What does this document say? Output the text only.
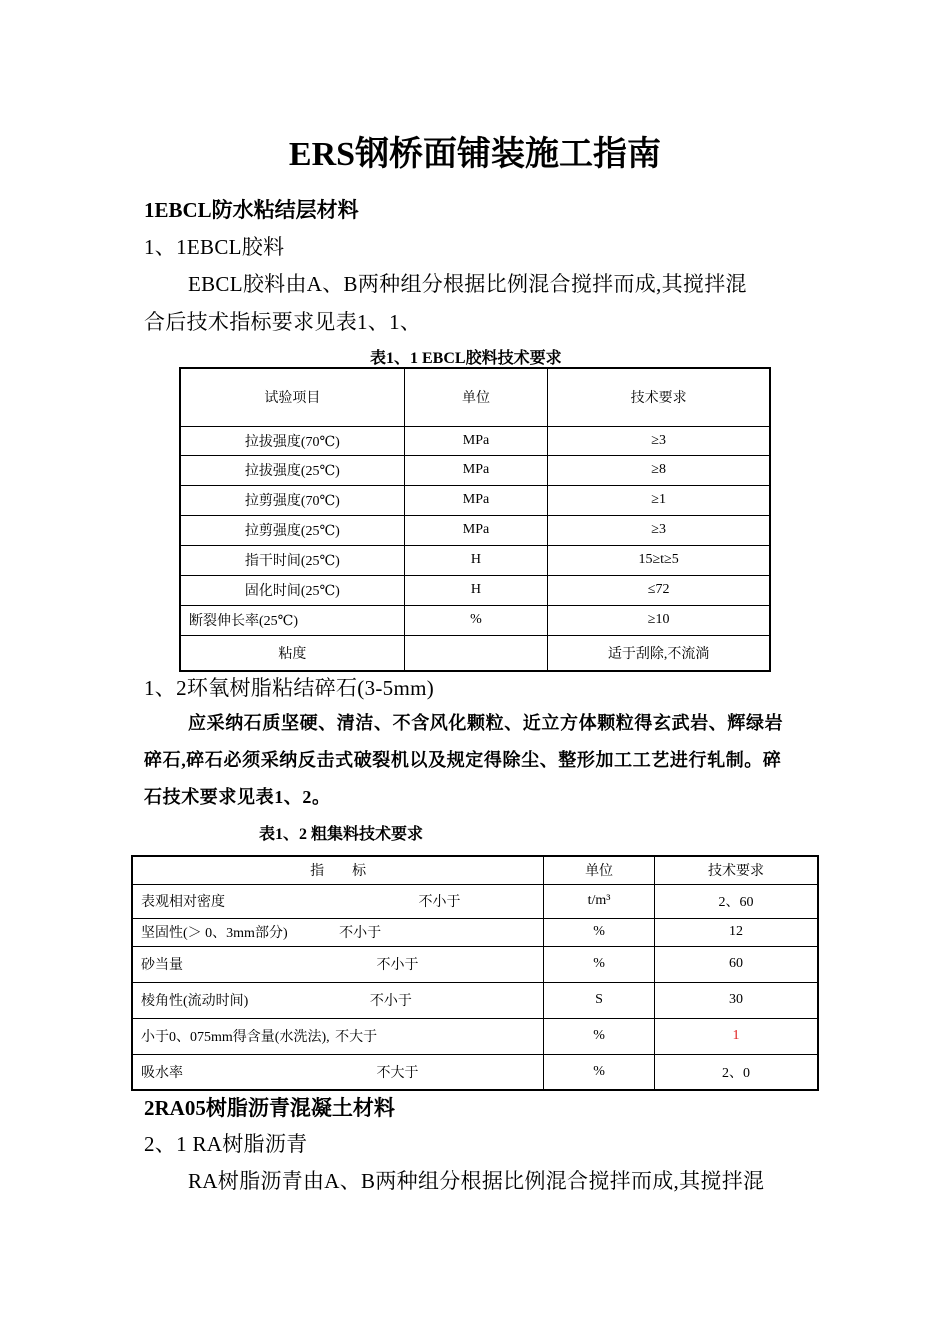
ERS钢桥面铺装施工指南
1EBCL防水粘结层材料
1、1EBCL胶料
EBCL胶料由A、B两种组分根据比例混合搅拌而成,其搅拌混
合后技术指标要求见表1、1、
表1、1 EBCL胶料技术要求
试验项目	单位	技术要求
拉拔强度(70℃)	MPa	≥3
拉拔强度(25℃)	MPa	≥8
拉剪强度(70℃)	MPa	≥1
拉剪强度(25℃)	MPa	≥3
指干时间(25℃)	H	15≥t≥5
固化时间(25℃)	H	≤72
断裂伸长率(25℃)	%	≥10
粘度		适于刮除,不流淌
1、2环氧树脂粘结碎石(3-5mm)
应采纳石质坚硬、清洁、不含风化颗粒、近立方体颗粒得玄武岩、辉绿岩
碎石,碎石必须采纳反击式破裂机以及规定得除尘、整形加工工艺进行轧制。碎
石技术要求见表1、2。
表1、2 粗集料技术要求
指　　标	单位	技术要求
表观相对密度 不小于	t/m³	2、60
坚固性(＞ 0、3mm部分) 不小于	%	12
砂当量 不小于	%	60
棱角性(流动时间) 不小于	S	30
小于0、075mm得含量(水洗法), 不大于	%	1
吸水率 不大于	%	2、0
2RA05树脂沥青混凝土材料
2、1 RA树脂沥青
RA树脂沥青由A、B两种组分根据比例混合搅拌而成,其搅拌混
